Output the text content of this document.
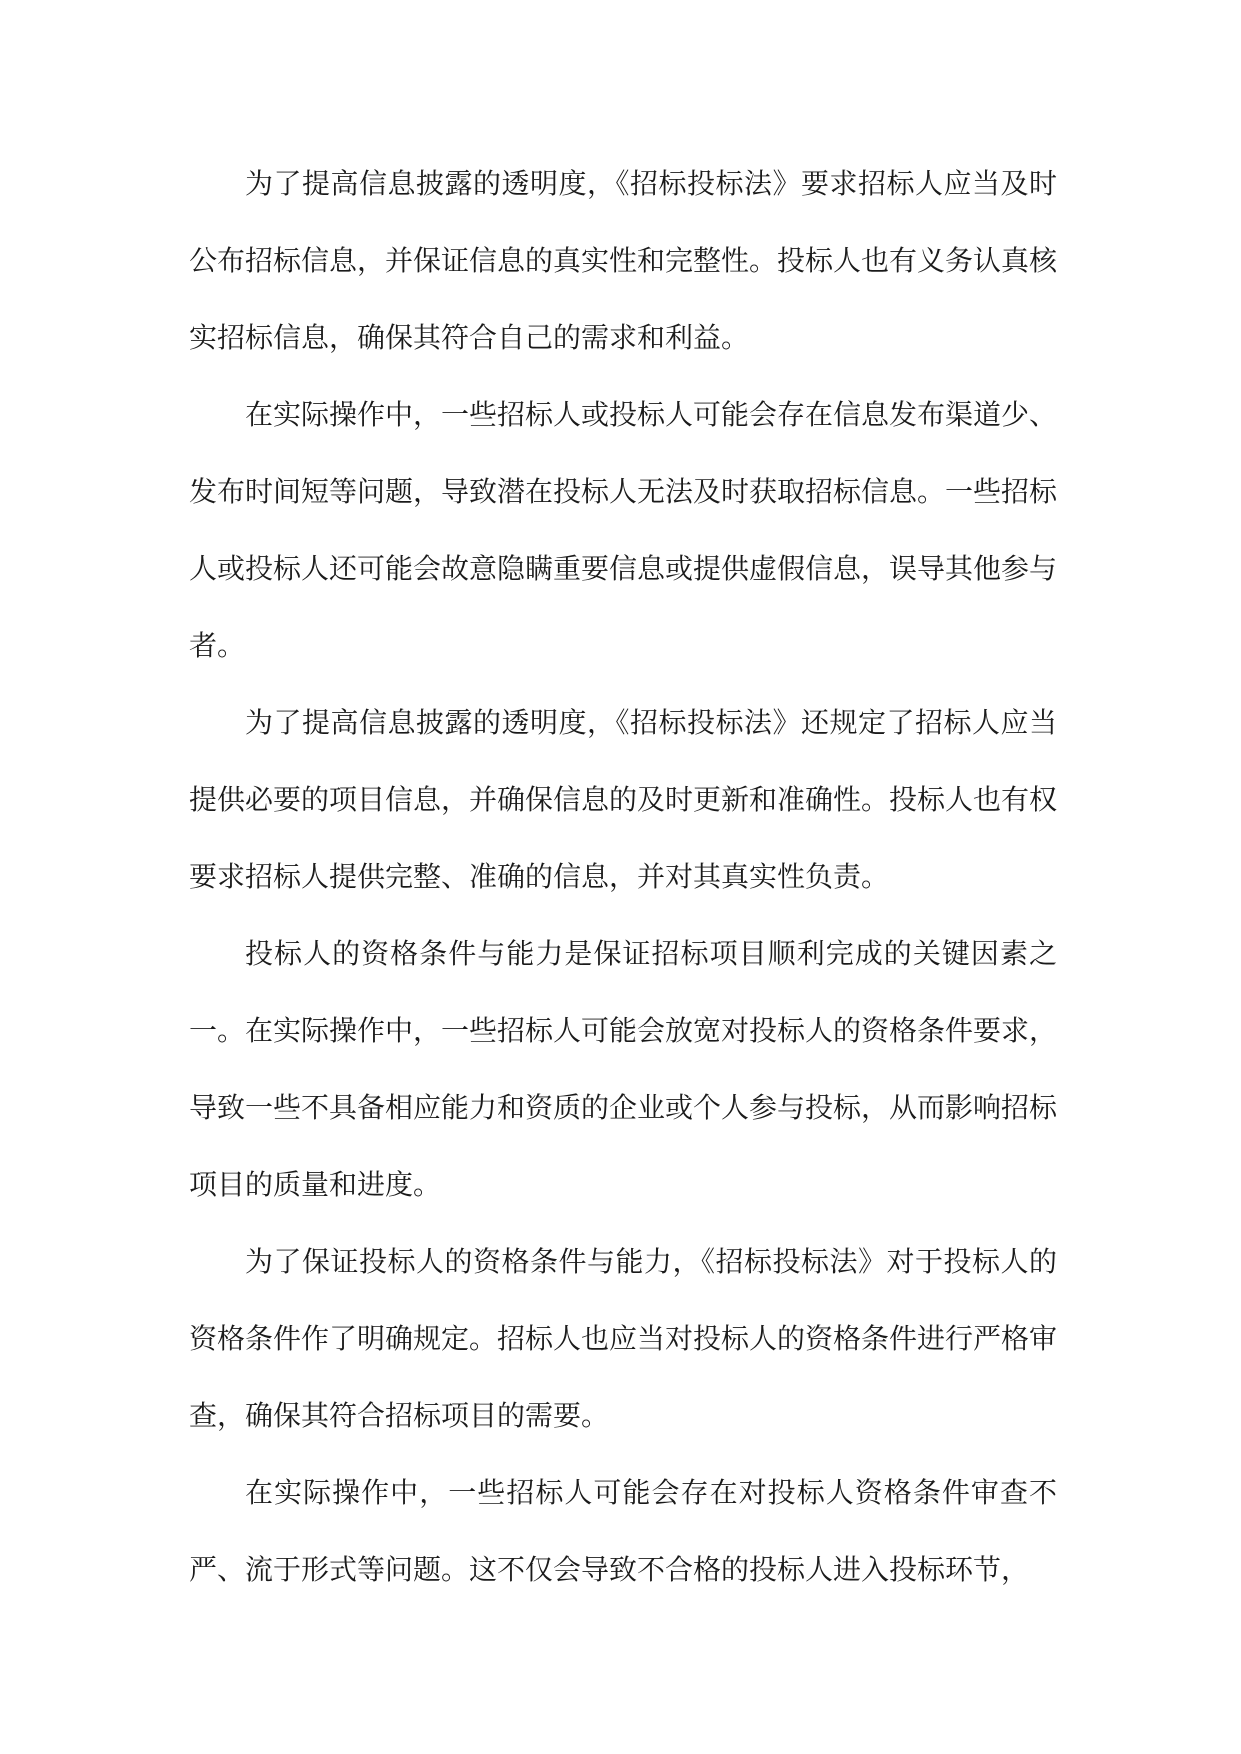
为了提高信息披露的透明度，《招标投标法》要求招标人应当及时公布招标信息，并保证信息的真实性和完整性。投标人也有义务认真核实招标信息，确保其符合自己的需求和利益。

在实际操作中，一些招标人或投标人可能会存在信息发布渠道少、发布时间短等问题，导致潜在投标人无法及时获取招标信息。一些招标人或投标人还可能会故意隐瞒重要信息或提供虚假信息，误导其他参与者。

为了提高信息披露的透明度，《招标投标法》还规定了招标人应当提供必要的项目信息，并确保信息的及时更新和准确性。投标人也有权要求招标人提供完整、准确的信息，并对其真实性负责。

投标人的资格条件与能力是保证招标项目顺利完成的关键因素之一。在实际操作中，一些招标人可能会放宽对投标人的资格条件要求，导致一些不具备相应能力和资质的企业或个人参与投标，从而影响招标项目的质量和进度。

为了保证投标人的资格条件与能力，《招标投标法》对于投标人的资格条件作了明确规定。招标人也应当对投标人的资格条件进行严格审查，确保其符合招标项目的需要。

在实际操作中，一些招标人可能会存在对投标人资格条件审查不严、流于形式等问题。这不仅会导致不合格的投标人进入投标环节，
